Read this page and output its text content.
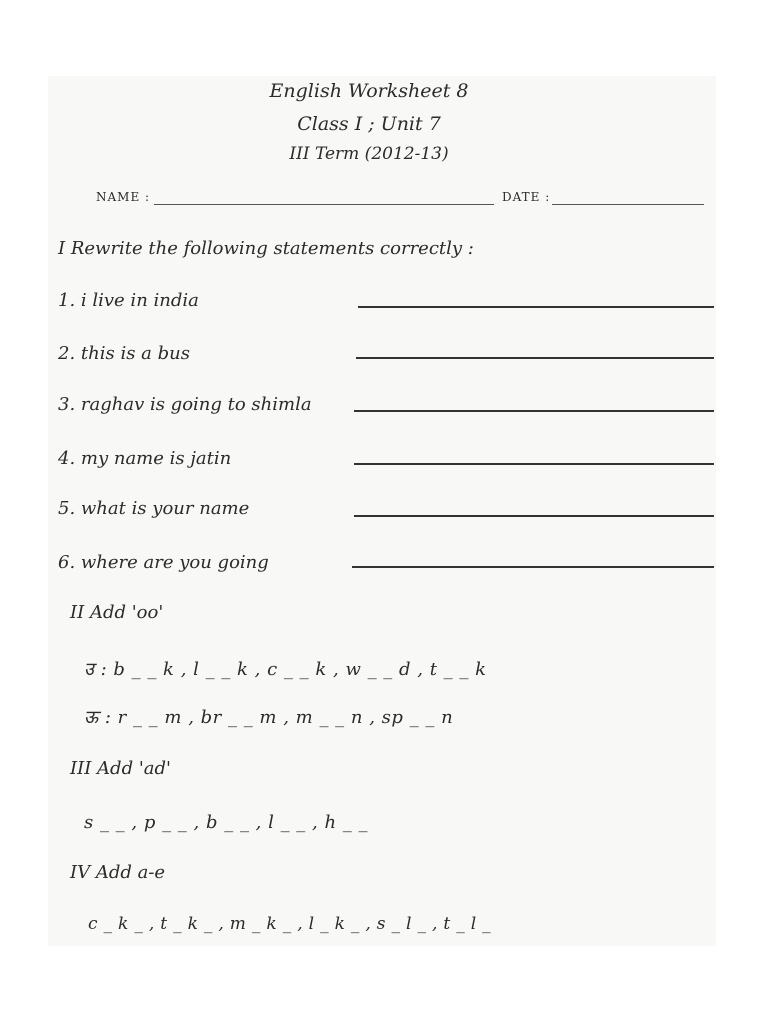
English Worksheet 8
Class I ; Unit 7
III Term (2012-13)
NAME :	DATE :
I Rewrite the following statements correctly :
1. i live in india
2. this is a bus
3. raghav is going to shimla
4. my name is jatin
5. what is your name
6. where are you going
II Add 'oo'
उ : b _ _ k , l _ _ k , c _ _ k , w _ _ d , t _ _ k
ऊ : r _ _ m , br _ _ m , m _ _ n , sp _ _ n
III Add 'ad'
s _ _ , p _ _ , b _ _ , l _ _ , h _ _
IV Add a-e
c _ k _ , t _ k _ , m _ k _ , l _ k _ , s _ l _ , t _ l _
